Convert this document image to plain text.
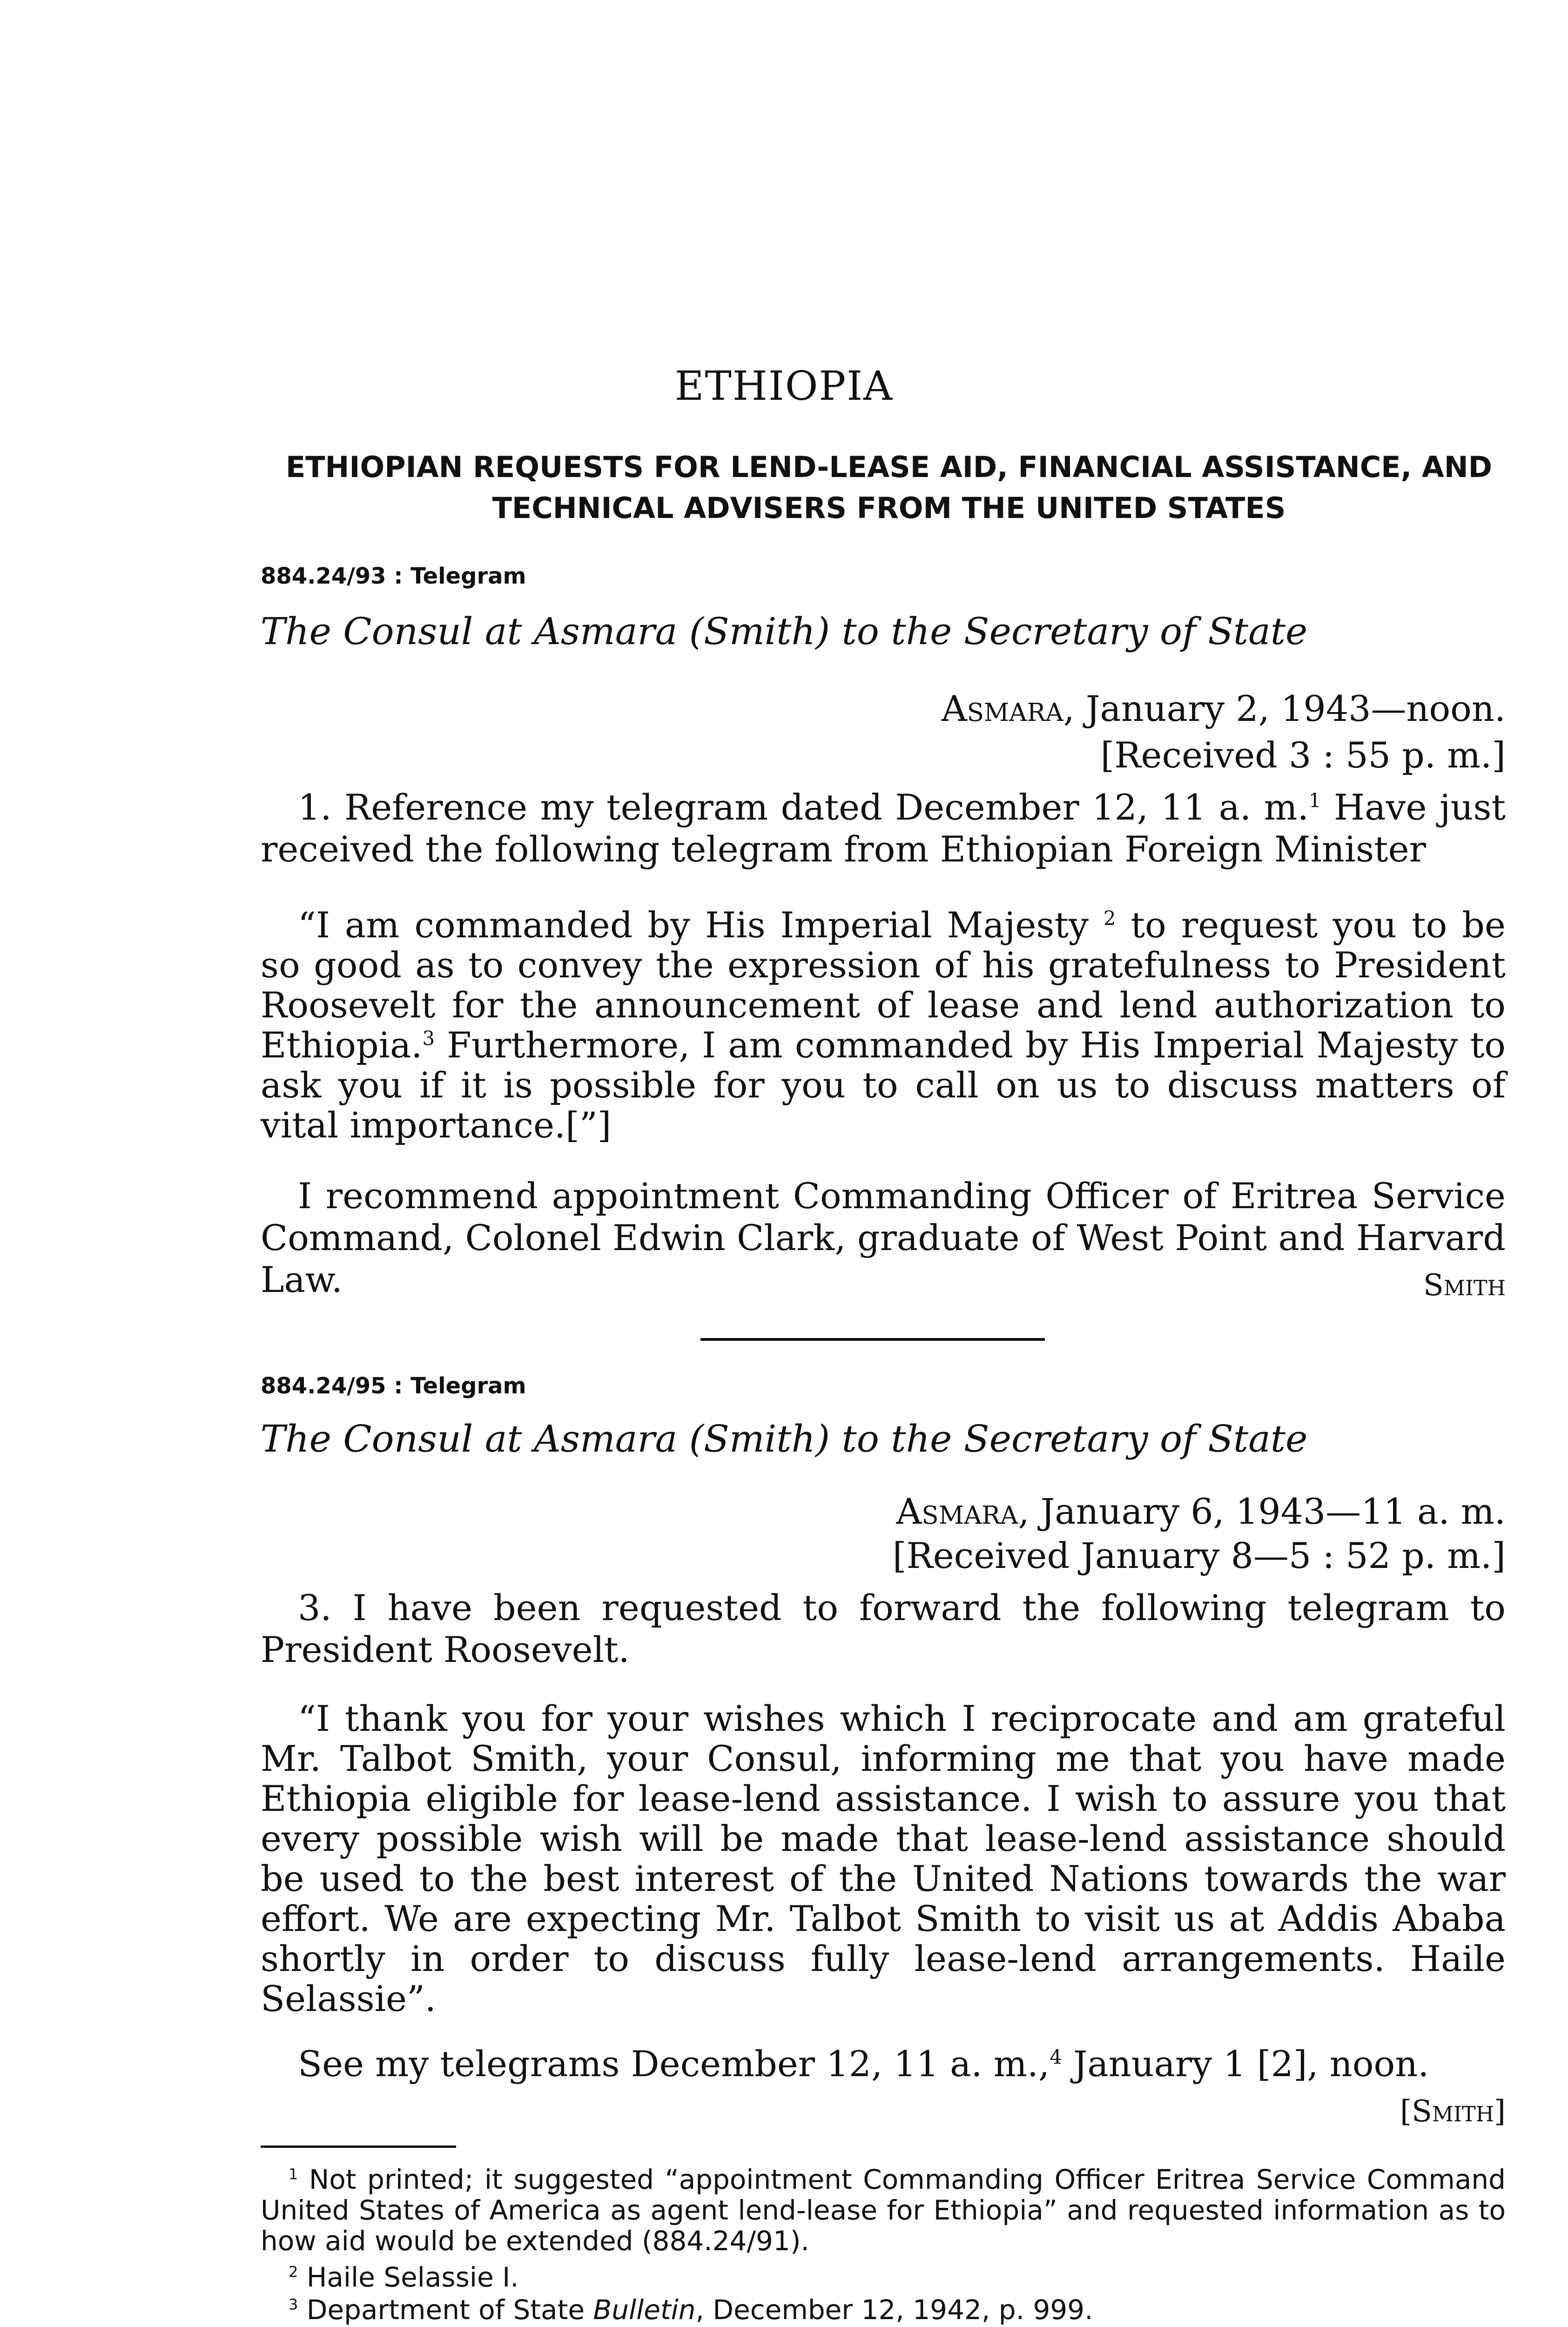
ETHIOPIA
ETHIOPIAN REQUESTS FOR LEND-LEASE AID, FINANCIAL ASSISTANCE, AND TECHNICAL ADVISERS FROM THE UNITED STATES
884.24/93 : Telegram
The Consul at Asmara (Smith) to the Secretary of State
Asmara, January 2, 1943—noon.
[Received 3 : 55 p. m.]

1. Reference my telegram dated December 12, 11 a. m.$^1$ Have just received the following telegram from Ethiopian Foreign Minister

“I am commanded by His Imperial Majesty $^2$ to request you to be so good as to convey the expression of his gratefulness to President Roosevelt for the announcement of lease and lend authorization to Ethiopia.$^3$ Furthermore, I am commanded by His Imperial Majesty to ask you if it is possible for you to call on us to discuss matters of vital importance.[”]

I recommend appointment Commanding Officer of Eritrea Service Command, Colonel Edwin Clark, graduate of West Point and Harvard Law.	Smith
884.24/95 : Telegram
The Consul at Asmara (Smith) to the Secretary of State
Asmara, January 6, 1943—11 a. m.
[Received January 8—5 : 52 p. m.]

3. I have been requested to forward the following telegram to President Roosevelt.

“I thank you for your wishes which I reciprocate and am grateful Mr. Talbot Smith, your Consul, informing me that you have made Ethiopia eligible for lease-lend assistance. I wish to assure you that every possible wish will be made that lease-lend assistance should be used to the best interest of the United Nations towards the war effort. We are expecting Mr. Talbot Smith to visit us at Addis Ababa shortly in order to discuss fully lease-lend arrangements. Haile Selassie”.

See my telegrams December 12, 11 a. m.,$^4$ January 1 [2], noon.

[Smith]

$^1$ Not printed; it suggested “appointment Commanding Officer Eritrea Service Command United States of America as agent lend-lease for Ethiopia” and requested information as to how aid would be extended (884.24/91).

$^2$ Haile Selassie I.

$^3$ Department of State Bulletin, December 12, 1942, p. 999.
